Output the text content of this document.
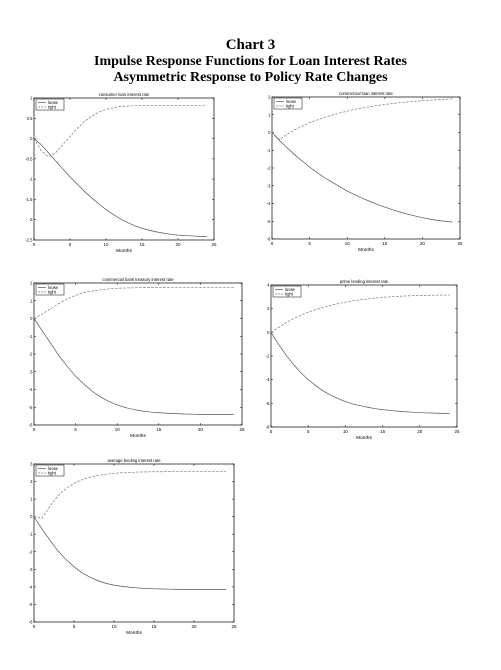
Chart 3
Impulse Response Functions for Loan Interest Rates
Asymmetric Response to Policy Rate Changes
consumer loan interest rate
0	5	10	15	20	25
1
0.5
0
-0.5
-1
-1.5
-2
-2.5
Months
loose
tight
commercial loan interest rate
0	5	10	15	20	25
2
1
0
-1
-2
-3
-4
-5
-6
Months
loose
tight
commercial bank treasury interest rate
0	5	10	15	20	25
2
1
0
-1
-2
-3
-4
-5
-6
Months
loose
tight
prime lending interest rate
0	5	10	15	20	25
4
2
0
-2
-4
-6
-8
Months
loose
tight
average lending interest rate
0	5	10	15	20	25
3
2
1
0
-1
-2
-3
-4
-5
-6
Months
loose
tight
